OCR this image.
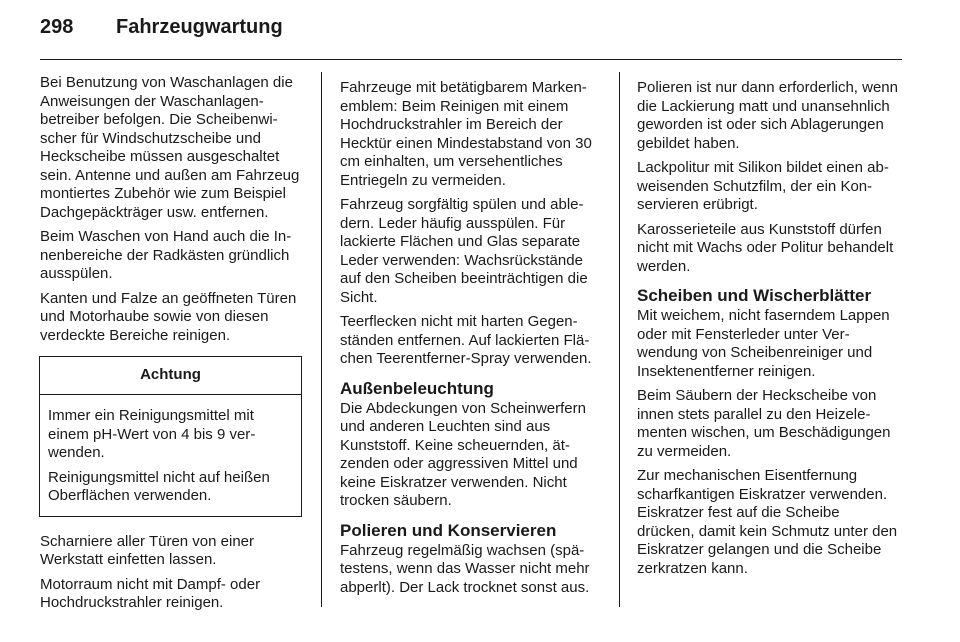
298 Fahrzeugwartung

Bei Benutzung von Waschanlagen die Anweisungen der Waschanlagenbetreiber befolgen. Die Scheibenwischer für Windschutzscheibe und Heckscheibe müssen ausgeschaltet sein. Antenne und außen am Fahrzeug montiertes Zubehör wie zum Beispiel Dachgepäckträger usw. entfernen.

Beim Waschen von Hand auch die Innenbereiche der Radkästen gründlich ausspülen.

Kanten und Falze an geöffneten Türen und Motorhaube sowie von diesen verdeckte Bereiche reinigen.

Achtung

Immer ein Reinigungsmittel mit einem pH-Wert von 4 bis 9 verwenden.

Reinigungsmittel nicht auf heißen Oberflächen verwenden.

Scharniere aller Türen von einer Werkstatt einfetten lassen.

Motorraum nicht mit Dampf- oder Hochdruckstrahler reinigen.

Fahrzeuge mit betätigbarem Markenemblem: Beim Reinigen mit einem Hochdruckstrahler im Bereich der Hecktür einen Mindestabstand von 30 cm einhalten, um versehentliches Entriegeln zu vermeiden.

Fahrzeug sorgfältig spülen und abledern. Leder häufig ausspülen. Für lackierte Flächen und Glas separate Leder verwenden: Wachsrückstände auf den Scheiben beeinträchtigen die Sicht.

Teerflecken nicht mit harten Gegenständen entfernen. Auf lackierten Flächen Teerentferner-Spray verwenden.

Außenbeleuchtung

Die Abdeckungen von Scheinwerfern und anderen Leuchten sind aus Kunststoff. Keine scheuernden, ätzenden oder aggressiven Mittel und keine Eiskratzer verwenden. Nicht trocken säubern.

Polieren und Konservieren

Fahrzeug regelmäßig wachsen (spätestens, wenn das Wasser nicht mehr abperlt). Der Lack trocknet sonst aus.

Polieren ist nur dann erforderlich, wenn die Lackierung matt und unansehnlich geworden ist oder sich Ablagerungen gebildet haben.

Lackpolitur mit Silikon bildet einen abweisenden Schutzfilm, der ein Konservieren erübrigt.

Karosserieteile aus Kunststoff dürfen nicht mit Wachs oder Politur behandelt werden.

Scheiben und Wischerblätter

Mit weichem, nicht faserndem Lappen oder mit Fensterleder unter Verwendung von Scheibenreiniger und Insektenentferner reinigen.

Beim Säubern der Heckscheibe von innen stets parallel zu den Heizelementen wischen, um Beschädigungen zu vermeiden.

Zur mechanischen Eisentfernung scharfkantigen Eiskratzer verwenden. Eiskratzer fest auf die Scheibe drücken, damit kein Schmutz unter den Eiskratzer gelangen und die Scheibe zerkratzen kann.
